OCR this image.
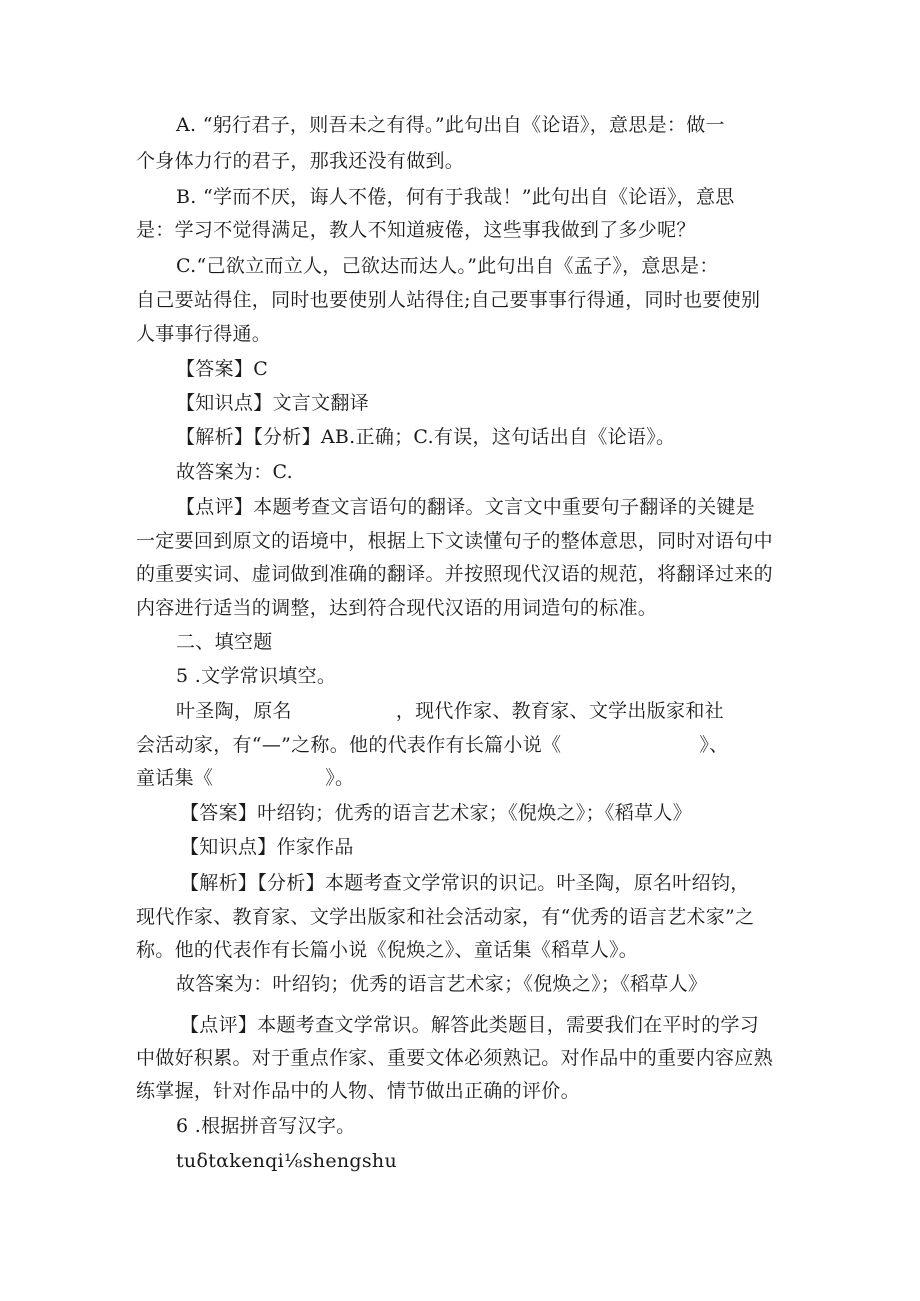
A. “躬行君子，则吾未之有得。”此句出自《论语》，意思是：做一
个身体力行的君子，那我还没有做到。
B. “学而不厌，诲人不倦，何有于我哉！”此句出自《论语》，意思
是：学习不觉得满足，教人不知道疲倦，这些事我做到了多少呢？
C.“己欲立而立人，己欲达而达人。”此句出自《孟子》，意思是：
自己要站得住，同时也要使别人站得住;自己要事事行得通，同时也要使别
人事事行得通。
【答案】C
【知识点】文言文翻译
【解析】【分析】AB.正确；C.有误，这句话出自《论语》。
故答案为：C.
【点评】本题考查文言语句的翻译。文言文中重要句子翻译的关键是
一定要回到原文的语境中，根据上下文读懂句子的整体意思，同时对语句中
的重要实词、虚词做到准确的翻译。并按照现代汉语的规范，将翻译过来的
内容进行适当的调整，达到符合现代汉语的用词造句的标准。
二、填空题
5 .文学常识填空。
叶圣陶，原名	，现代作家、教育家、文学出版家和社
会活动家，有“—”之称。他的代表作有长篇小说《	》、
童话集《	》。
【答案】叶绍钧；优秀的语言艺术家；《倪焕之》；《稻草人》
【知识点】作家作品
【解析】【分析】本题考查文学常识的识记。叶圣陶，原名叶绍钧，
现代作家、教育家、文学出版家和社会活动家，有“优秀的语言艺术家”之
称。他的代表作有长篇小说《倪焕之》、童话集《稻草人》。
故答案为：叶绍钧；优秀的语言艺术家；《倪焕之》；《稻草人》
【点评】本题考查文学常识。解答此类题目，需要我们在平时的学习
中做好积累。对于重点作家、重要文体必须熟记。对作品中的重要内容应熟
练掌握，针对作品中的人物、情节做出正确的评价。
6 .根据拼音写汉字。
tuδtαkenqi⅛shengshu
